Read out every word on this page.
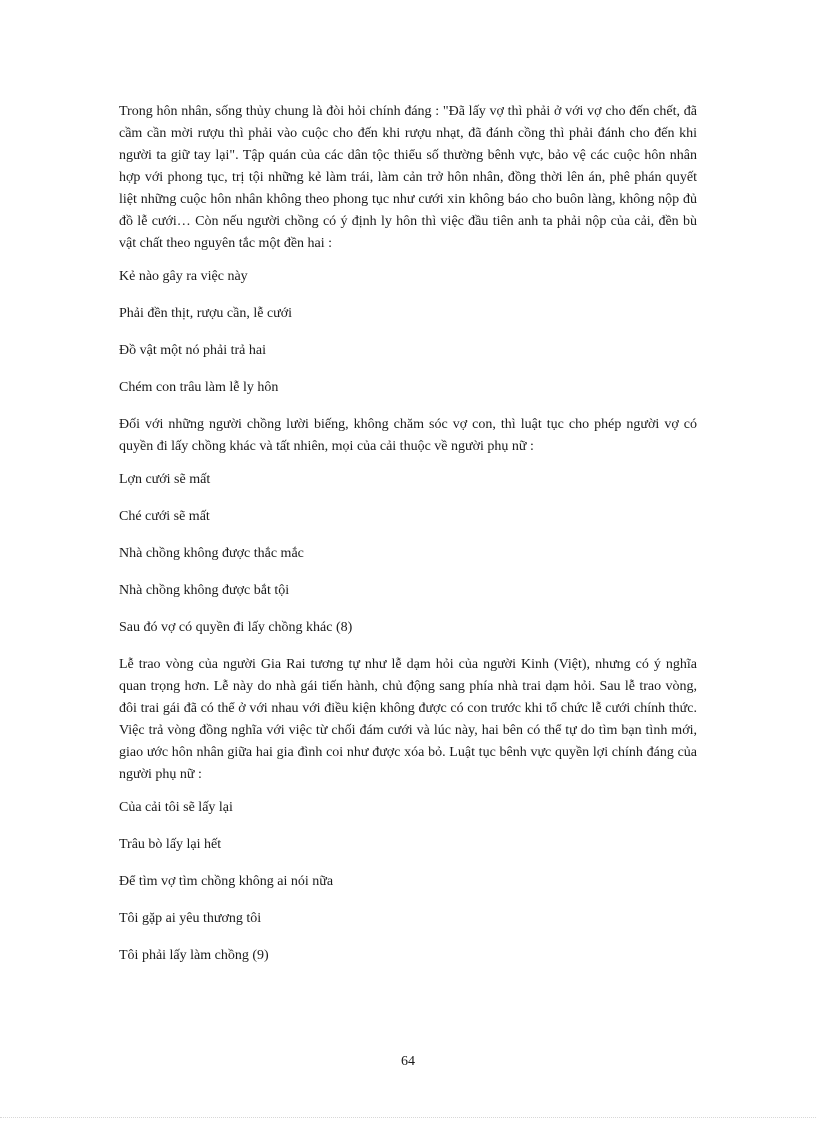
Trong hôn nhân, sống thủy chung là đòi hỏi chính đáng : "Đã lấy vợ thì phải ở với vợ cho đến chết, đã cầm cần mời rượu thì phải vào cuộc cho đến khi rượu nhạt, đã đánh cồng thì phải đánh cho đến khi người ta giữ tay lại". Tập quán của các dân tộc thiểu số thường bênh vực, bảo vệ các cuộc hôn nhân hợp với phong tục, trị tội những kẻ làm trái, làm cản trở hôn nhân, đồng thời lên án, phê phán quyết liệt những cuộc hôn nhân không theo phong tục như cưới xin không báo cho buôn làng, không nộp đủ đồ lễ cưới… Còn nếu người chồng có ý định ly hôn thì việc đầu tiên anh ta phải nộp của cải, đền bù vật chất theo nguyên tắc một đền hai :

Kẻ nào gây ra việc này

Phải đền thịt, rượu cần, lễ cưới

Đồ vật một nó phải trả hai

Chém con trâu làm lễ ly hôn

Đối với những người chồng lười biếng, không chăm sóc vợ con, thì luật tục cho phép người vợ có quyền đi lấy chồng khác và tất nhiên, mọi của cải thuộc về người phụ nữ :

Lợn cưới sẽ mất

Ché cưới sẽ mất

Nhà chồng không được thắc mắc

Nhà chồng không được bắt tội

Sau đó vợ có quyền đi lấy chồng khác (8)

Lễ trao vòng của người Gia Rai tương tự như lễ dạm hỏi của người Kinh (Việt), nhưng có ý nghĩa quan trọng hơn. Lễ này do nhà gái tiến hành, chủ động sang phía nhà trai dạm hỏi. Sau lễ trao vòng, đôi trai gái đã có thể ở với nhau với điều kiện không được có con trước khi tổ chức lễ cưới chính thức. Việc trả vòng đồng nghĩa với việc từ chối đám cưới và lúc này, hai bên có thể tự do tìm bạn tình mới, giao ước hôn nhân giữa hai gia đình coi như được xóa bỏ. Luật tục bênh vực quyền lợi chính đáng của người phụ nữ :

Của cải tôi sẽ lấy lại

Trâu bò lấy lại hết

Để tìm vợ tìm chồng không ai nói nữa

Tôi gặp ai yêu thương tôi

Tôi phải lấy làm chồng (9)

64
